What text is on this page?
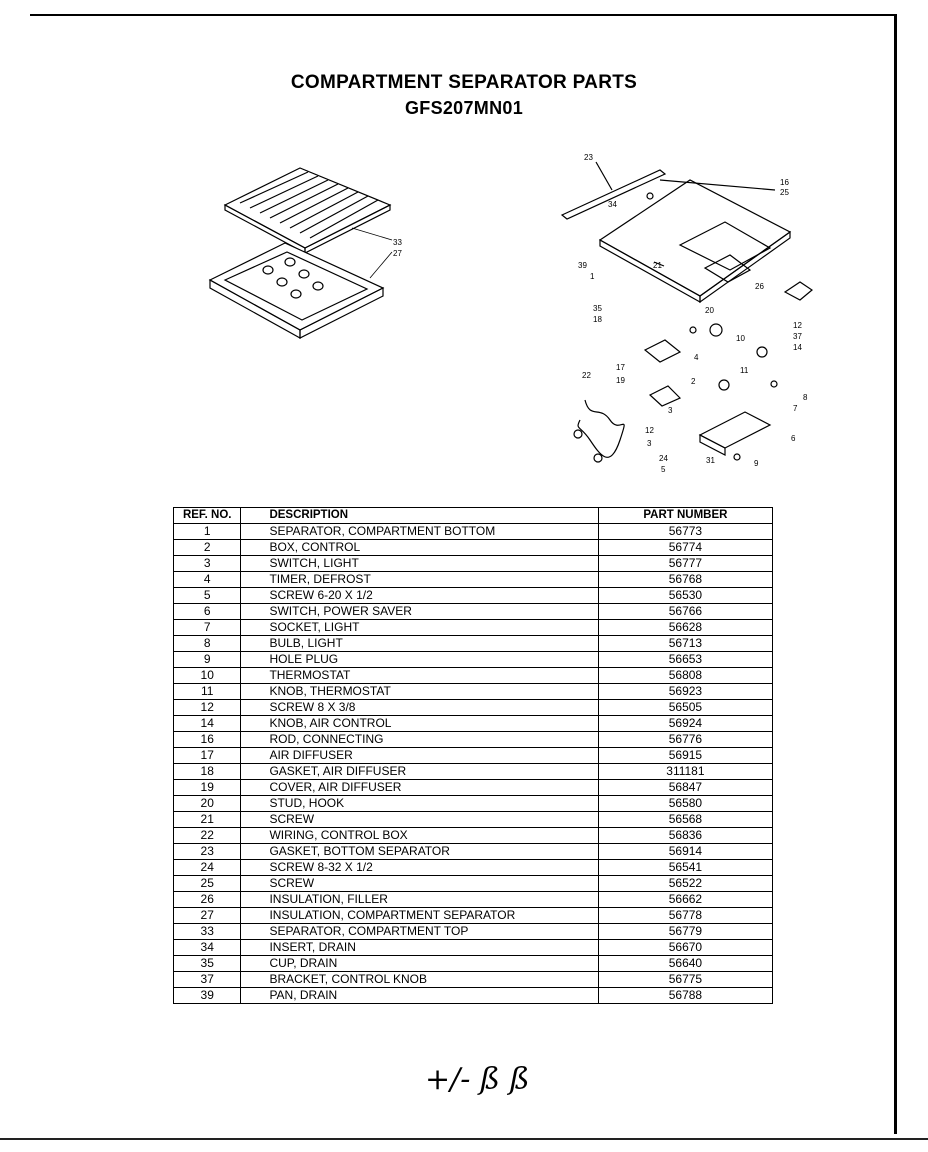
COMPARTMENT SEPARATOR PARTS
GFS207MN01
33
27
23
34
16
25
39	21
1
26
35
18
20
12
37
14
10
4
17
19
22
2
11
8
7
12
3
3
6
24	31	9
5
REF. NO.	DESCRIPTION	PART NUMBER
1	SEPARATOR, COMPARTMENT BOTTOM	56773
2	BOX, CONTROL	56774
3	SWITCH, LIGHT	56777
4	TIMER, DEFROST	56768
5	SCREW 6-20 X 1/2	56530
6	SWITCH, POWER SAVER	56766
7	SOCKET, LIGHT	56628
8	BULB, LIGHT	56713
9	HOLE PLUG	56653
10	THERMOSTAT	56808
11	KNOB, THERMOSTAT	56923
12	SCREW 8 X 3/8	56505
14	KNOB, AIR CONTROL	56924
16	ROD, CONNECTING	56776
17	AIR DIFFUSER	56915
18	GASKET, AIR DIFFUSER	311181
19	COVER, AIR DIFFUSER	56847
20	STUD, HOOK	56580
21	SCREW	56568
22	WIRING, CONTROL BOX	56836
23	GASKET, BOTTOM SEPARATOR	56914
24	SCREW 8-32 X 1/2	56541
25	SCREW	56522
26	INSULATION, FILLER	56662
27	INSULATION, COMPARTMENT SEPARATOR	56778
33	SEPARATOR, COMPARTMENT TOP	56779
34	INSERT, DRAIN	56670
35	CUP, DRAIN	56640
37	BRACKET, CONTROL KNOB	56775
39	PAN, DRAIN	56788
+/- ß ß
